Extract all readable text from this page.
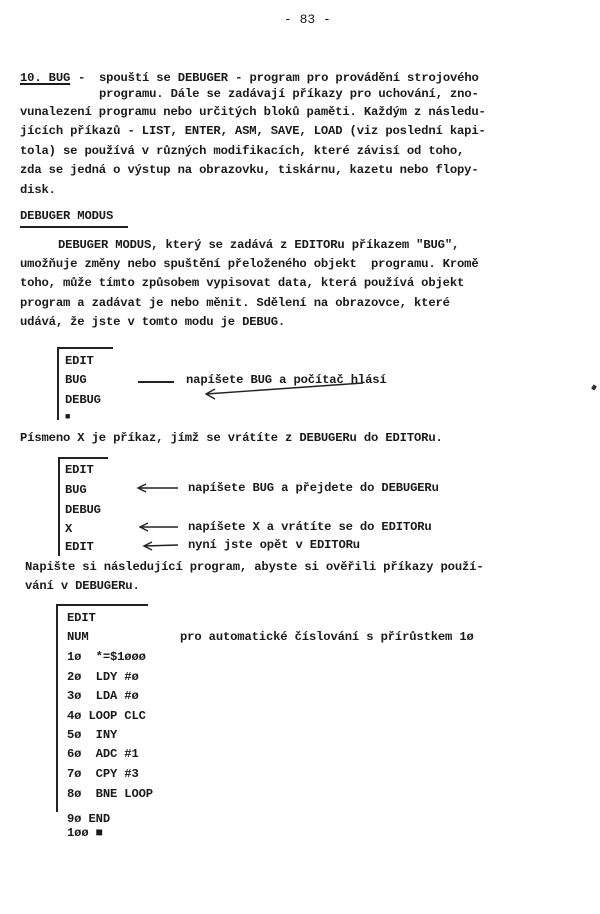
- 83 -
10. BUG - spouští se DEBUGER - program pro provádění strojového
programu. Dále se zadávají příkazy pro uchování, zno-
vunalezení programu nebo určitých bloků paměti. Každým z následu-
jících příkazů - LIST, ENTER, ASM, SAVE, LOAD (viz poslední kapi-
tola) se používá v různých modifikacích, které závisí od toho,
zda se jedná o výstup na obrazovku, tiskárnu, kazetu nebo flopy-
disk.
DEBUGER MODUS
DEBUGER MODUS, který se zadává z EDITORu příkazem "BUG",
umožňuje změny nebo spuštění přeloženého objekt  programu. Kromě
toho, může tímto způsobem vypisovat data, která používá objekt
program a zadávat je nebo měnit. Sdělení na obrazovce, které
udává, že jste v tomto modu je DEBUG.
EDIT
BUG
DEBUG
■
napíšete BUG a počítač hlásí
Písmeno X je příkaz, jímž se vrátíte z DEBUGERu do EDITORu.
EDIT
BUG
DEBUG
X
EDIT
napíšete BUG a přejdete do DEBUGERu
napíšete X a vrátíte se do EDITORu
nyní jste opět v EDITORu
Napište si následující program, abyste si ověřili příkazy použí-
vání v DEBUGERu.
EDIT
NUM	pro automatické číslování s přírůstkem 1ø
1ø  *=$1øøø
2ø  LDY #ø
3ø  LDA #ø
4ø LOOP CLC
5ø  INY
6ø  ADC #1
7ø  CPY #3
8ø  BNE LOOP
9ø END
1øø ■
